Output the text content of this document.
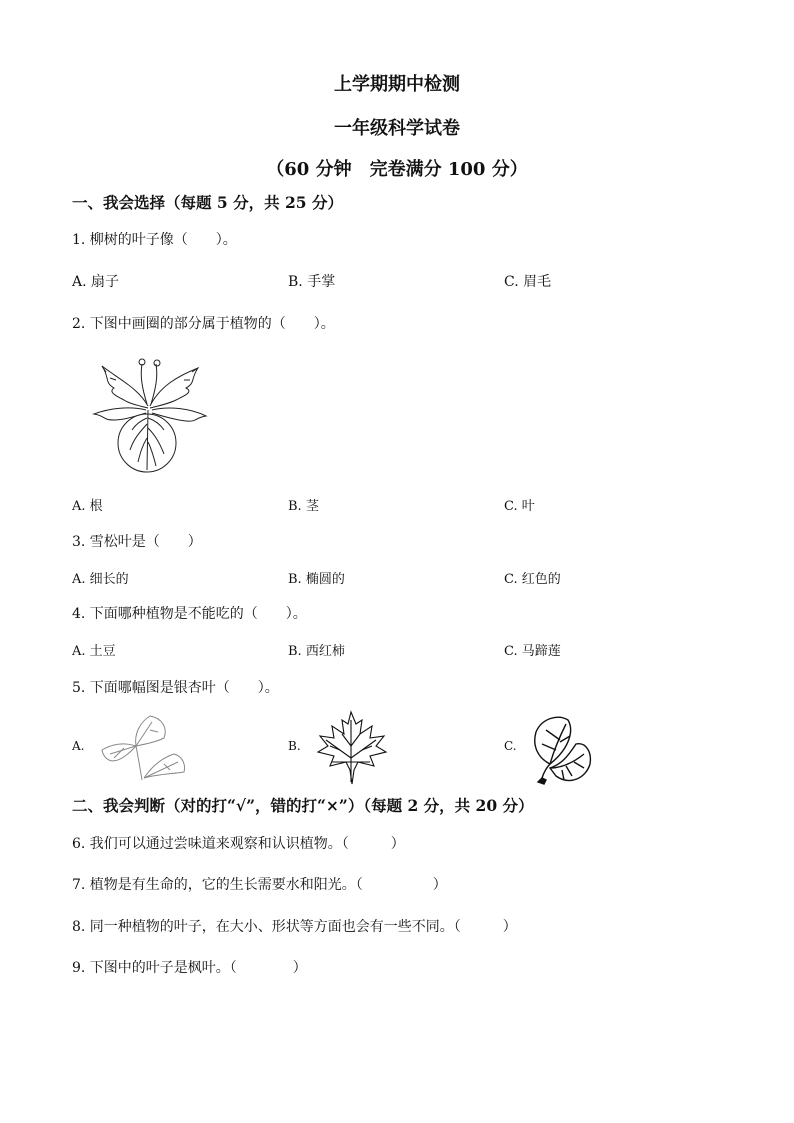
上学期期中检测
一年级科学试卷
（60 分钟　完卷满分 100 分）
一、我会选择（每题 5 分，共 25 分）
1. 柳树的叶子像（　　）。
A. 扇子	B. 手掌	C. 眉毛
2. 下图中画圈的部分属于植物的（　　）。
A. 根	B. 茎	C. 叶
3. 雪松叶是（　　）
A. 细长的	B. 椭圆的	C. 红色的
4. 下面哪种植物是不能吃的（　　）。
A. 土豆	B. 西红柿	C. 马蹄莲
5. 下面哪幅图是银杏叶（　　）。
A.	B.	C.
二、我会判断（对的打“√”，错的打“×”）（每题 2 分，共 20 分）
6. 我们可以通过尝味道来观察和认识植物。（　　　）
7. 植物是有生命的，它的生长需要水和阳光。（　　　　　）
8. 同一种植物的叶子，在大小、形状等方面也会有一些不同。（　　　）
9. 下图中的叶子是枫叶。（　　　　）
